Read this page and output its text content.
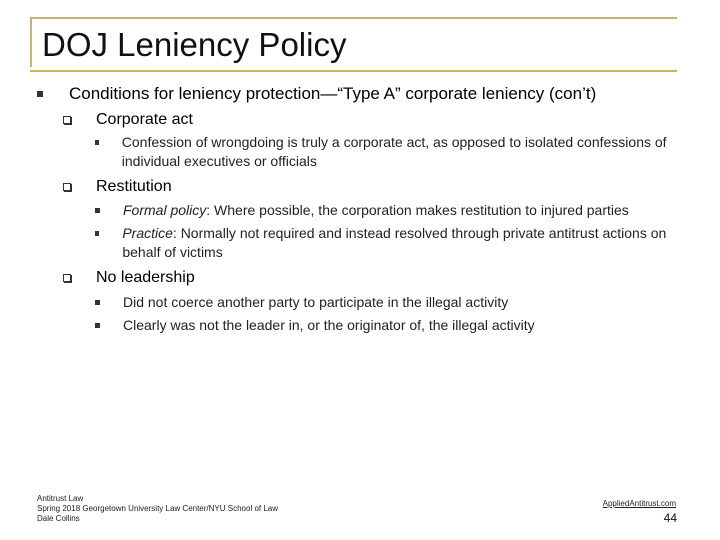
DOJ Leniency Policy
Conditions for leniency protection—“Type A” corporate leniency (con’t)
Corporate act
Confession of wrongdoing is truly a corporate act, as opposed to isolated confessions of individual executives or officials
Restitution
Formal policy: Where possible, the corporation makes restitution to injured parties
Practice: Normally not required and instead resolved through private antitrust actions on behalf of victims
No leadership
Did not coerce another party to participate in the illegal activity
Clearly was not the leader in, or the originator of, the illegal activity
Antitrust Law
Spring 2018 Georgetown University Law Center/NYU School of Law
Dale Collins
AppliedAntitrust.com
44
